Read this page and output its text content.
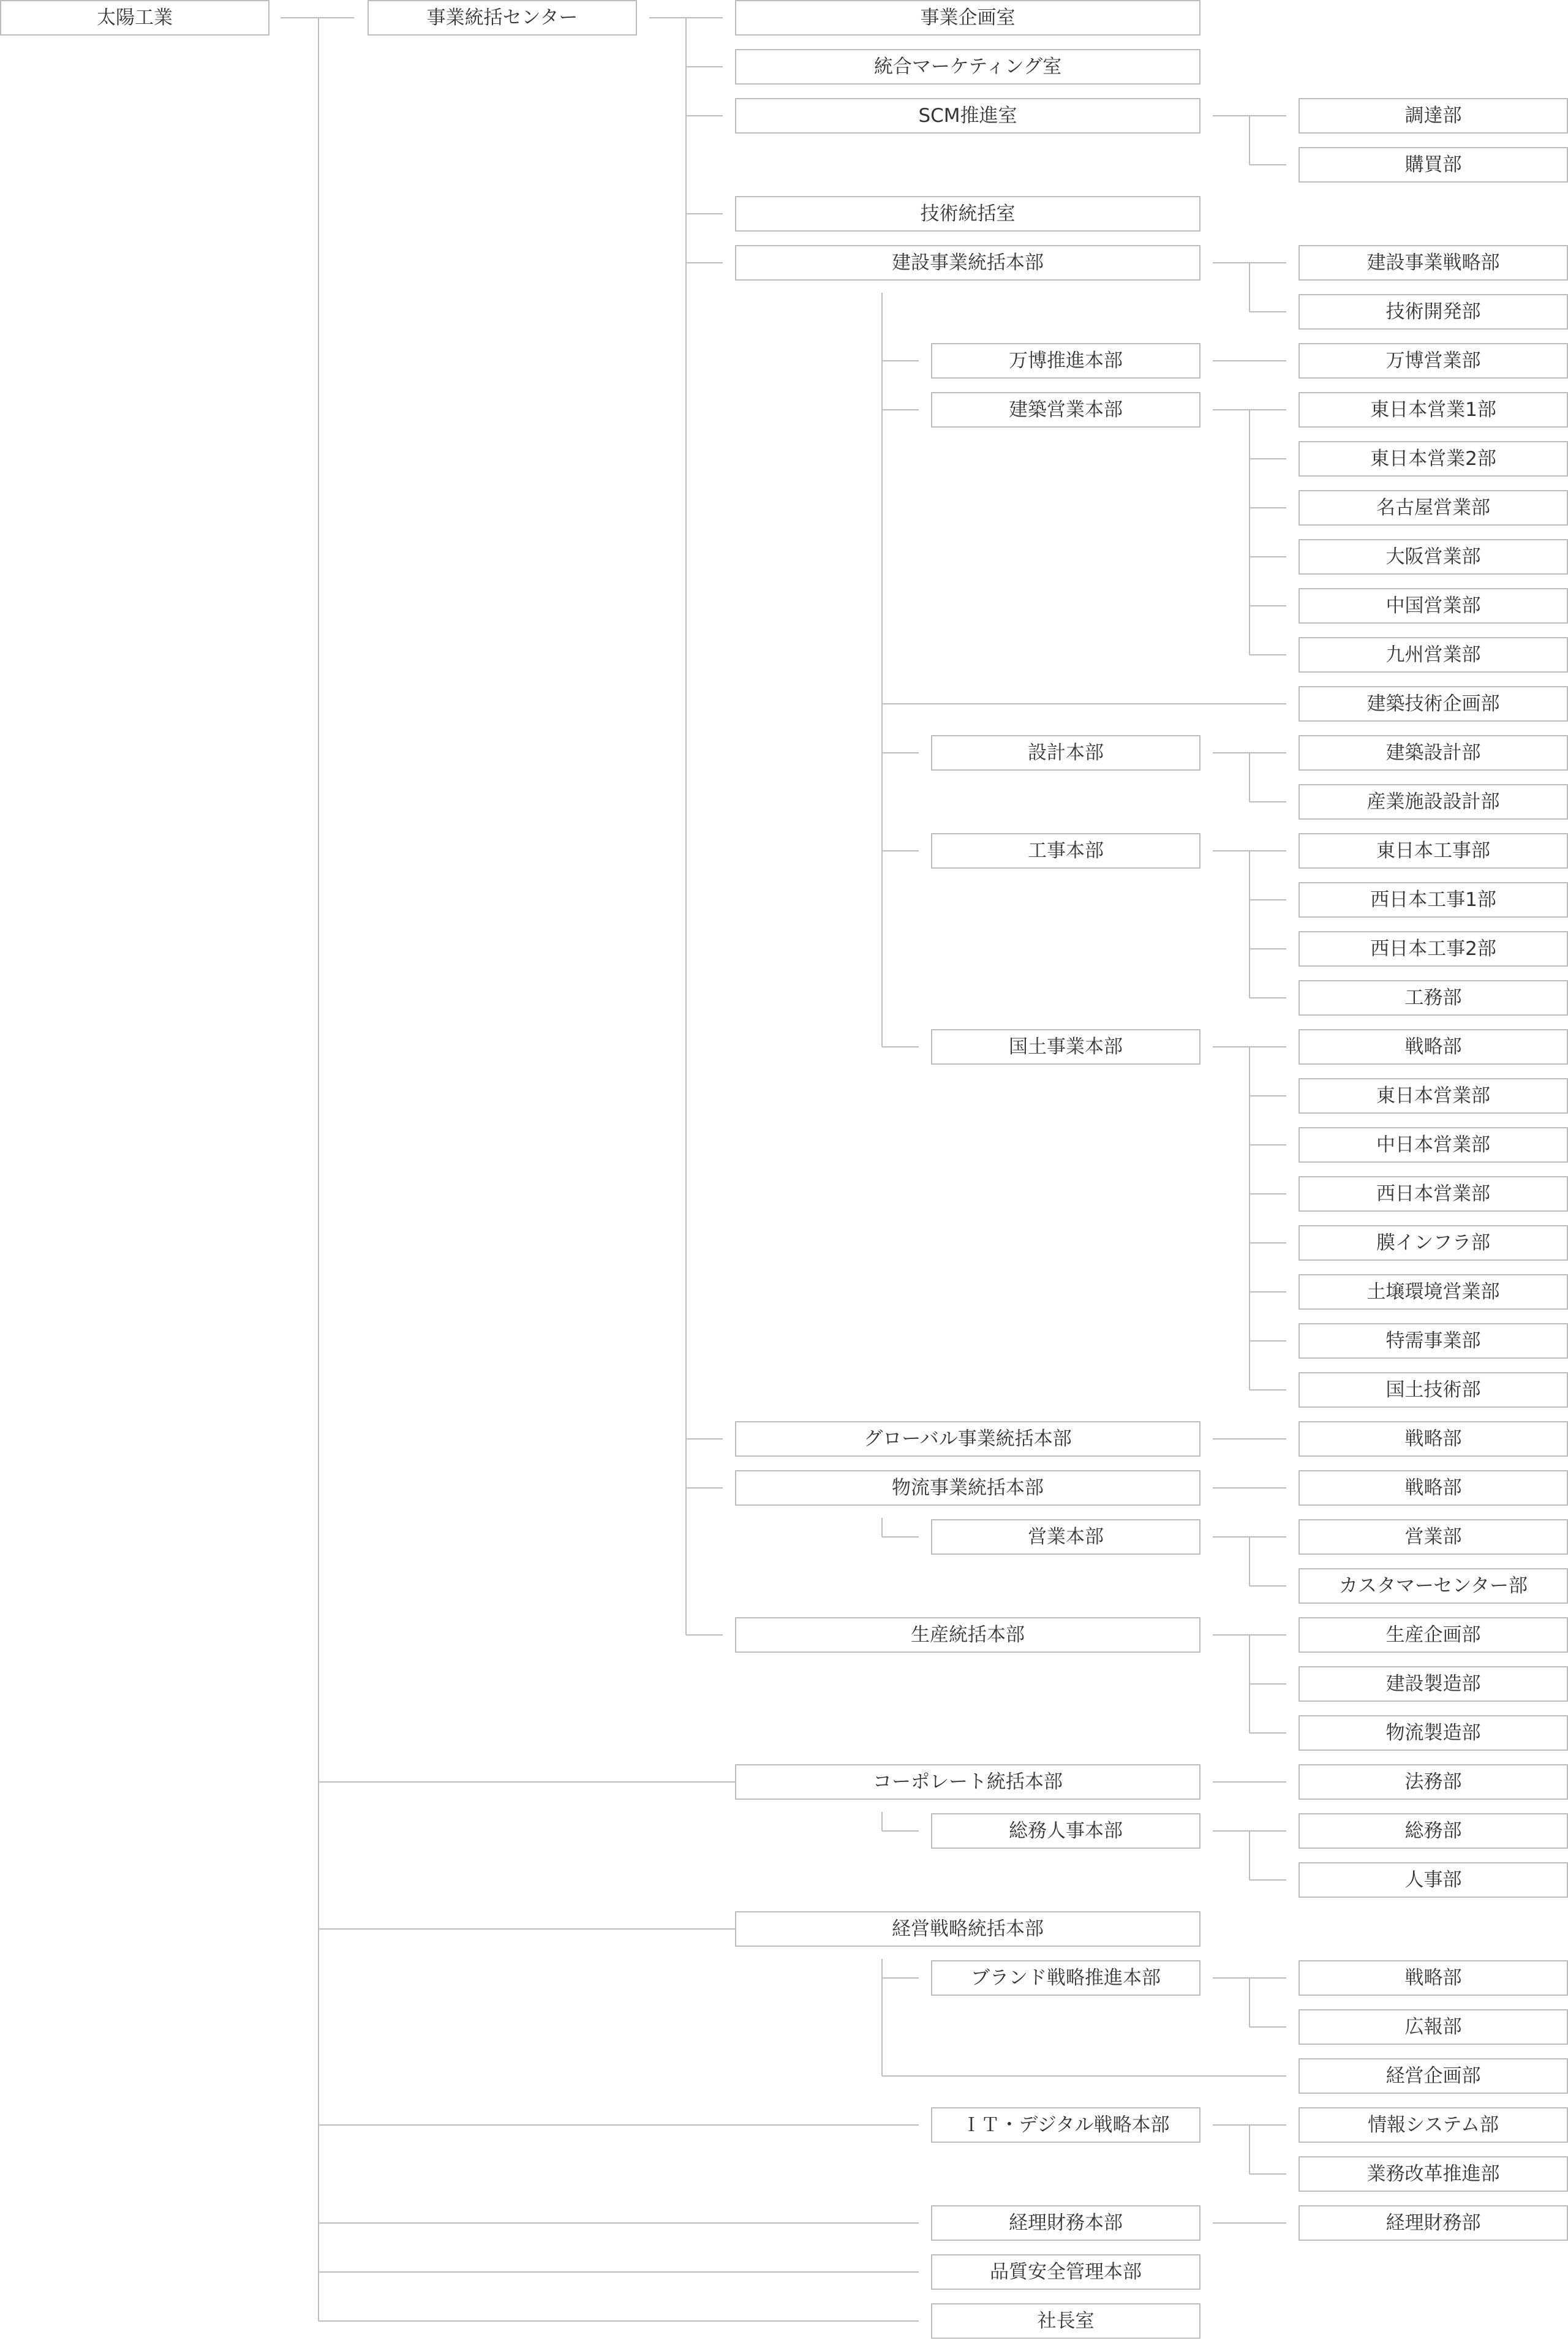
太陽工業	事業統括センター	事業企画室
統合マーケティング室
SCM推進室
技術統括室
建設事業統括本部
グローバル事業統括本部
物流事業統括本部
生産統括本部
コーポレート統括本部
経営戦略統括本部
万博推進本部
建築営業本部
設計本部
工事本部
国土事業本部
営業本部
総務人事本部
ブランド戦略推進本部
ＩＴ・デジタル戦略本部
経理財務本部
品質安全管理本部
社長室
調達部
購買部
建設事業戦略部
技術開発部
万博営業部
東日本営業1部
東日本営業2部
名古屋営業部
大阪営業部
中国営業部
九州営業部
建築技術企画部
建築設計部
産業施設設計部
東日本工事部
西日本工事1部
西日本工事2部
工務部
戦略部
東日本営業部
中日本営業部
西日本営業部
膜インフラ部
土壌環境営業部
特需事業部
国土技術部
戦略部
戦略部
営業部
カスタマーセンター部
生産企画部
建設製造部
物流製造部
法務部
総務部
人事部
戦略部
広報部
経営企画部
情報システム部
業務改革推進部
経理財務部
